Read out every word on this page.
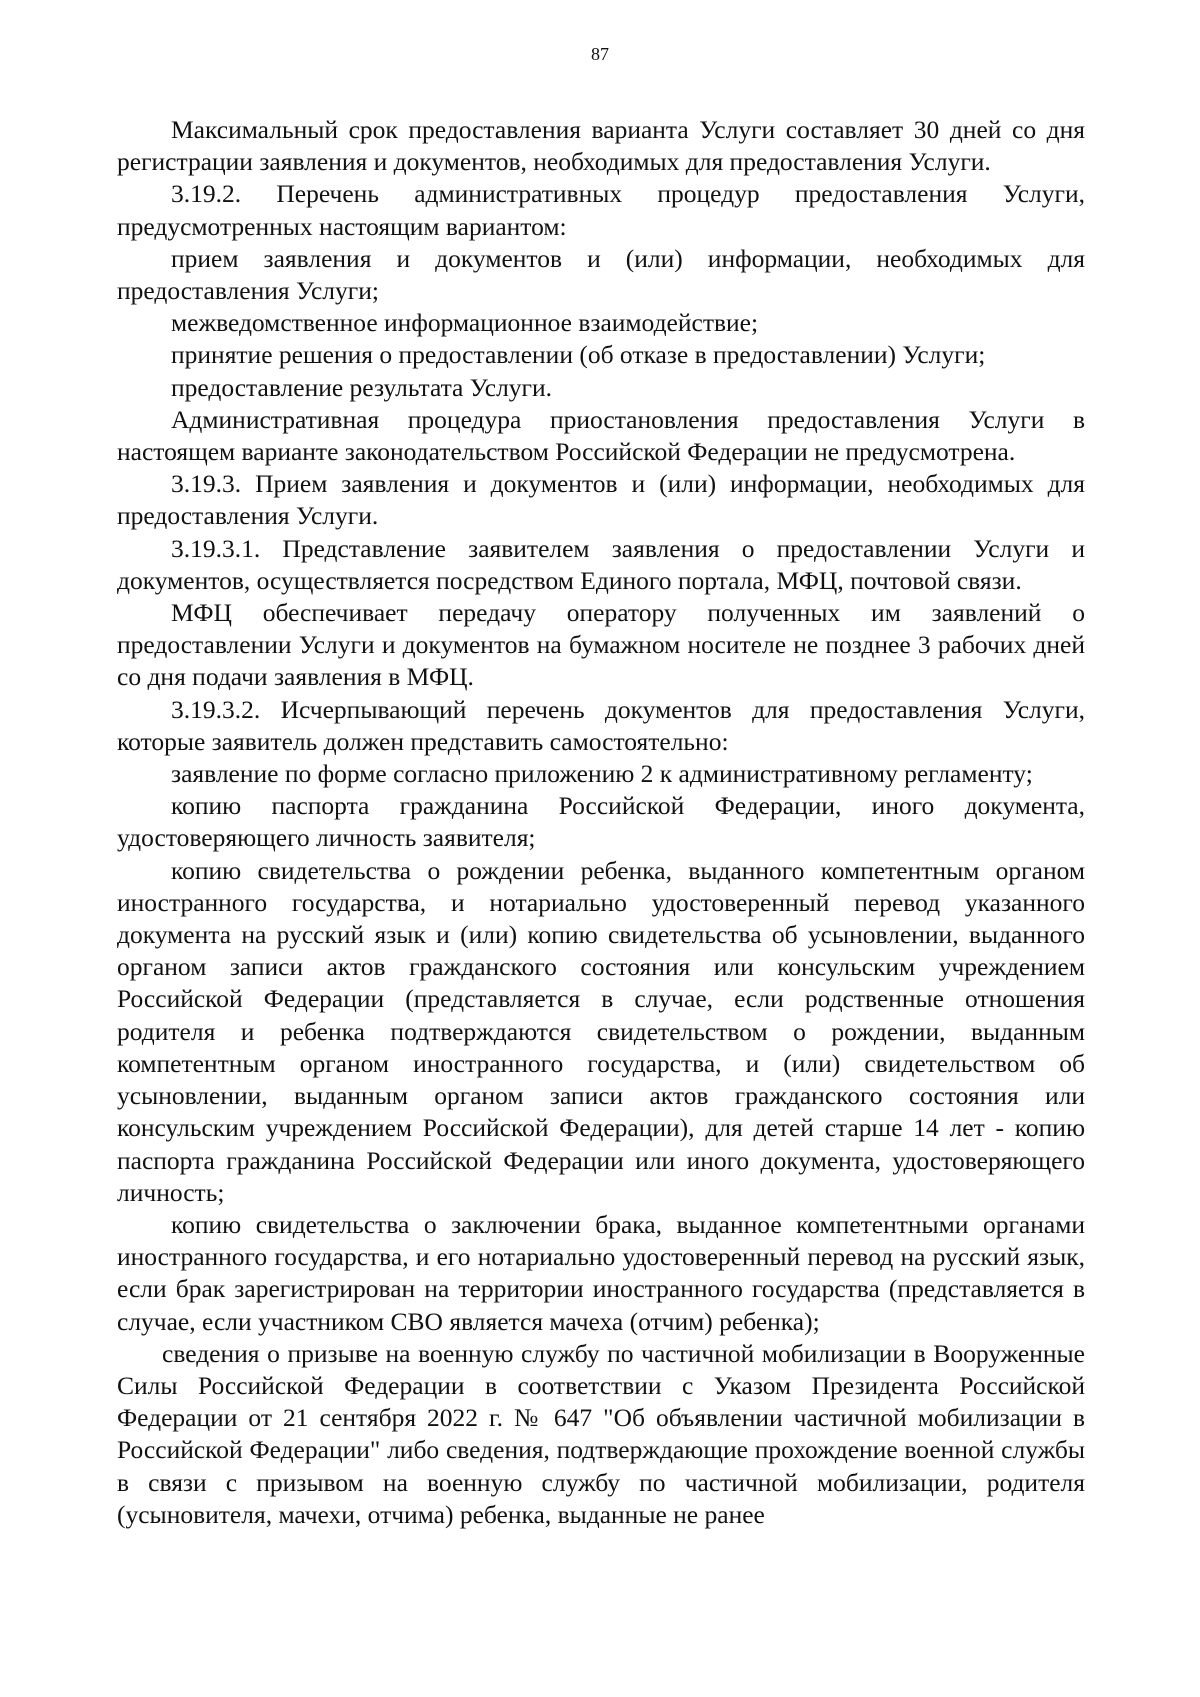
87

Максимальный срок предоставления варианта Услуги составляет 30 дней со дня регистрации заявления и документов, необходимых для предоставления Услуги.

3.19.2. Перечень административных процедур предоставления Услуги, предусмотренных настоящим вариантом:

прием заявления и документов и (или) информации, необходимых для предоставления Услуги;

межведомственное информационное взаимодействие;

принятие решения о предоставлении (об отказе в предоставлении) Услуги;

предоставление результата Услуги.

Административная процедура приостановления предоставления Услуги в настоящем варианте законодательством Российской Федерации не предусмотрена.

3.19.3. Прием заявления и документов и (или) информации, необходимых для предоставления Услуги.

3.19.3.1. Представление заявителем заявления о предоставлении Услуги и документов, осуществляется посредством Единого портала, МФЦ, почтовой связи.

МФЦ обеспечивает передачу оператору полученных им заявлений о предоставлении Услуги и документов на бумажном носителе не позднее 3 рабочих дней со дня подачи заявления в МФЦ.

3.19.3.2. Исчерпывающий перечень документов для предоставления Услуги, которые заявитель должен представить самостоятельно:

заявление по форме согласно приложению 2 к административному регламенту;

копию паспорта гражданина Российской Федерации, иного документа, удостоверяющего личность заявителя;

копию свидетельства о рождении ребенка, выданного компетентным органом иностранного государства, и нотариально удостоверенный перевод указанного документа на русский язык и (или) копию свидетельства об усыновлении, выданного органом записи актов гражданского состояния или консульским учреждением Российской Федерации (представляется в случае, если родственные отношения родителя и ребенка подтверждаются свидетельством о рождении, выданным компетентным органом иностранного государства, и (или) свидетельством об усыновлении, выданным органом записи актов гражданского состояния или консульским учреждением Российской Федерации), для детей старше 14 лет - копию паспорта гражданина Российской Федерации или иного документа, удостоверяющего личность;

копию свидетельства о заключении брака, выданное компетентными органами иностранного государства, и его нотариально удостоверенный перевод на русский язык, если брак зарегистрирован на территории иностранного государства (представляется в случае, если участником СВО является мачеха (отчим) ребенка);

сведения о призыве на военную службу по частичной мобилизации в Вооруженные Силы Российской Федерации в соответствии с Указом Президента Российской Федерации от 21 сентября 2022 г. № 647 "Об объявлении частичной мобилизации в Российской Федерации" либо сведения, подтверждающие прохождение военной службы в связи с призывом на военную службу по частичной мобилизации, родителя (усыновителя, мачехи, отчима) ребенка, выданные не ранее
